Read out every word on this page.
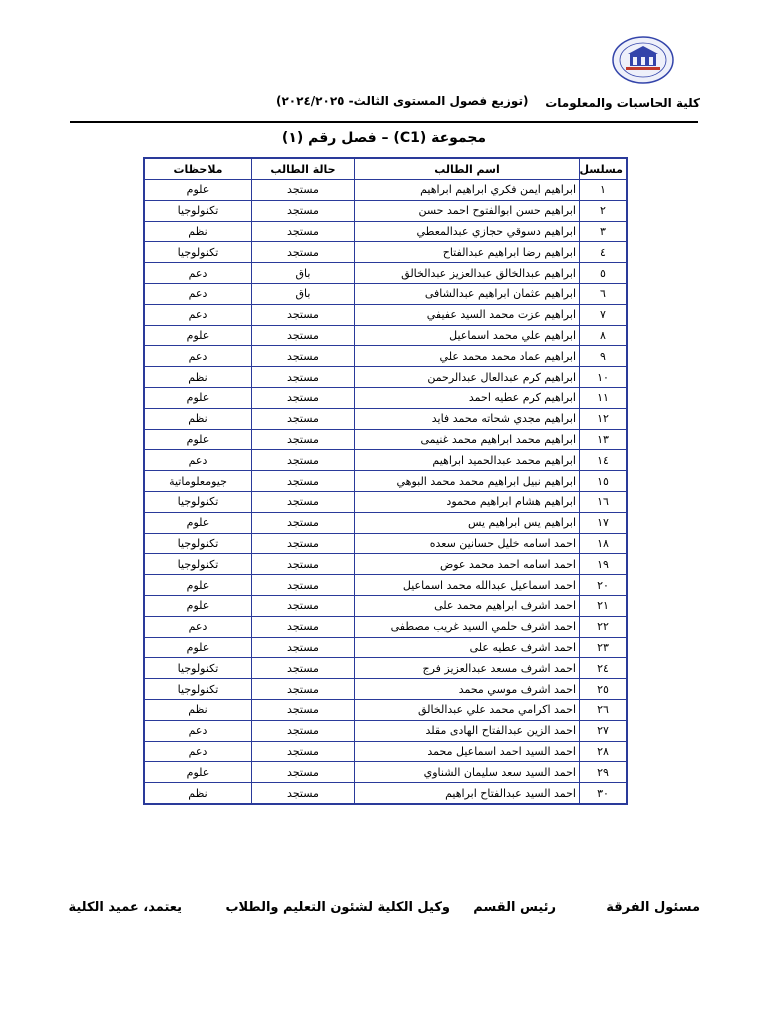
كلية الحاسبات والمعلومات
(توزيع فصول المستوى الثالث- ٢٠٢٤/٢٠٢٥)
مجموعة (C1) – فصل رقم (١)
مسلسل	اسم الطالب	حالة الطالب	ملاحظات
١	ابراهيم ايمن فكري ابراهيم ابراهيم	مستجد	علوم
٢	ابراهيم حسن ابوالفتوح احمد حسن	مستجد	تكنولوجيا
٣	ابراهيم دسوقي حجازي عبدالمعطي	مستجد	نظم
٤	ابراهيم رضا ابراهيم عبدالفتاح	مستجد	تكنولوجيا
٥	ابراهيم عبدالخالق عبدالعزيز عبدالخالق	باق	دعم
٦	ابراهيم عثمان ابراهيم عبدالشافى	باق	دعم
٧	ابراهيم عزت محمد السيد عفيفي	مستجد	دعم
٨	ابراهيم علي محمد اسماعيل	مستجد	علوم
٩	ابراهيم عماد محمد محمد علي	مستجد	دعم
١٠	ابراهيم كرم عبدالعال عبدالرحمن	مستجد	نظم
١١	ابراهيم كرم عطيه احمد	مستجد	علوم
١٢	ابراهيم مجدي شحاته محمد فايد	مستجد	نظم
١٣	ابراهيم محمد ابراهيم محمد غنيمى	مستجد	علوم
١٤	ابراهيم محمد عبدالحميد ابراهيم	مستجد	دعم
١٥	ابراهيم نبيل ابراهيم محمد محمد البوهي	مستجد	جيومعلوماتية
١٦	ابراهيم هشام ابراهيم محمود	مستجد	تكنولوجيا
١٧	ابراهيم يس ابراهيم يس	مستجد	علوم
١٨	احمد اسامه خليل حسانين سعده	مستجد	تكنولوجيا
١٩	احمد اسامه احمد محمد عوض	مستجد	تكنولوجيا
٢٠	احمد اسماعيل عبدالله محمد اسماعيل	مستجد	علوم
٢١	احمد اشرف ابراهيم محمد على	مستجد	علوم
٢٢	احمد اشرف حلمي السيد غريب مصطفى	مستجد	دعم
٢٣	احمد اشرف عطيه على	مستجد	علوم
٢٤	احمد اشرف مسعد عبدالعزيز فرج	مستجد	تكنولوجيا
٢٥	احمد اشرف موسي محمد	مستجد	تكنولوجيا
٢٦	احمد اكرامي محمد علي عبدالخالق	مستجد	نظم
٢٧	احمد الزين عبدالفتاح الهادى مقلد	مستجد	دعم
٢٨	احمد السيد احمد اسماعيل محمد	مستجد	دعم
٢٩	احمد السيد سعد سليمان الشناوي	مستجد	علوم
٣٠	احمد السيد عبدالفتاح ابراهيم	مستجد	نظم
مسئول الفرقة
رئيس القسم
وكيل الكلية لشئون التعليم والطلاب
يعتمد، عميد الكلية
